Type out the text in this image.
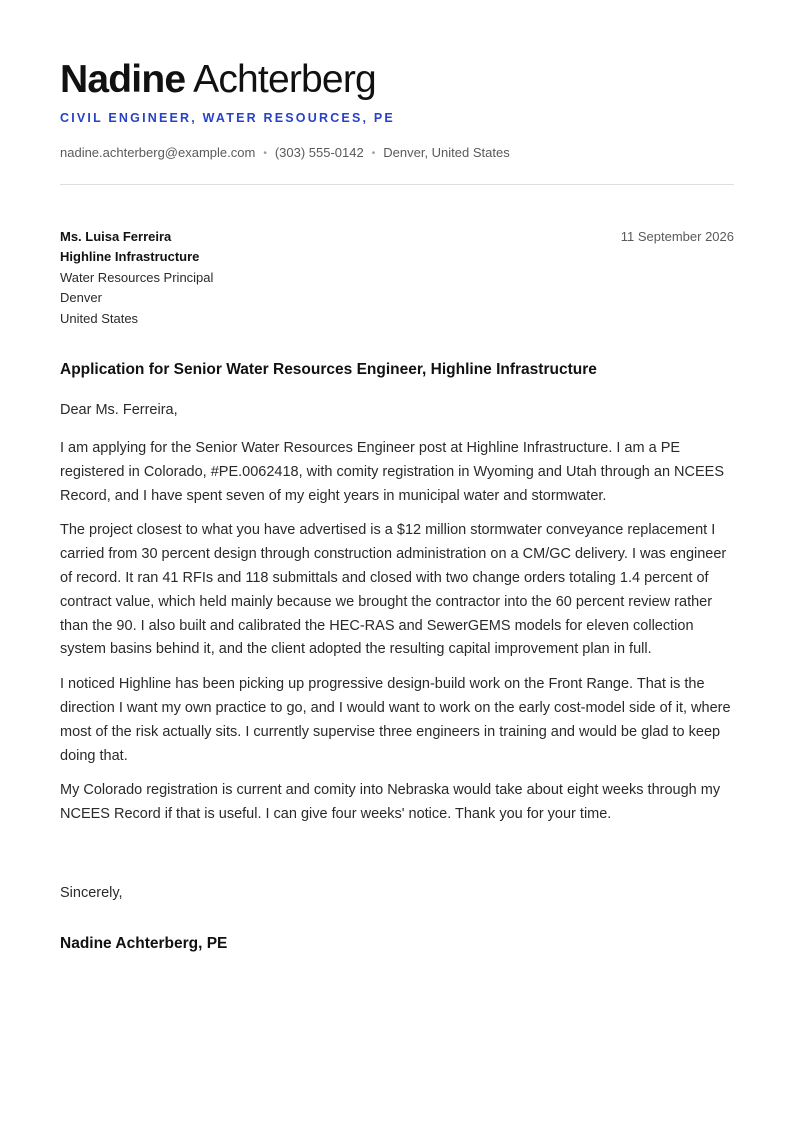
Nadine Achterberg
CIVIL ENGINEER, WATER RESOURCES, PE
nadine.achterberg@example.com • (303) 555-0142 • Denver, United States
Ms. Luisa Ferreira
Highline Infrastructure
Water Resources Principal
Denver
United States
11 September 2026
Application for Senior Water Resources Engineer, Highline Infrastructure
Dear Ms. Ferreira,

I am applying for the Senior Water Resources Engineer post at Highline Infrastructure. I am a PE registered in Colorado, #PE.0062418, with comity registration in Wyoming and Utah through an NCEES Record, and I have spent seven of my eight years in municipal water and stormwater.

The project closest to what you have advertised is a $12 million stormwater conveyance replacement I carried from 30 percent design through construction administration on a CM/GC delivery. I was engineer of record. It ran 41 RFIs and 118 submittals and closed with two change orders totaling 1.4 percent of contract value, which held mainly because we brought the contractor into the 60 percent review rather than the 90. I also built and calibrated the HEC-RAS and SewerGEMS models for eleven collection system basins behind it, and the client adopted the resulting capital improvement plan in full.

I noticed Highline has been picking up progressive design-build work on the Front Range. That is the direction I want my own practice to go, and I would want to work on the early cost-model side of it, where most of the risk actually sits. I currently supervise three engineers in training and would be glad to keep doing that.

My Colorado registration is current and comity into Nebraska would take about eight weeks through my NCEES Record if that is useful. I can give four weeks' notice. Thank you for your time.

Sincerely,
Nadine Achterberg, PE
